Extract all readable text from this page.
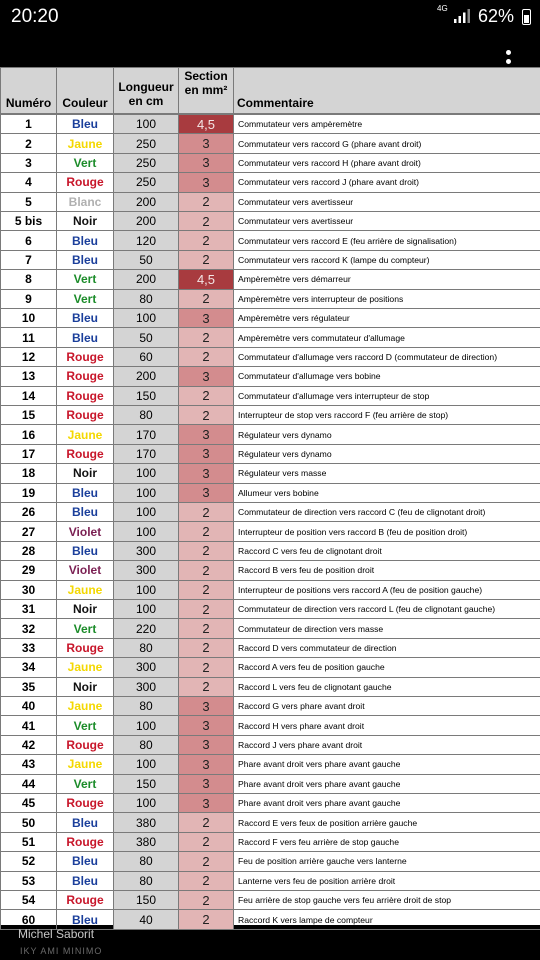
20:20	4G 62%
Numéro Couleur
Longueur
en cm
Section
en mm²
Commentaire
1	Bleu	100	4,5	Commutateur vers ampèremètre
2	Jaune	250	3	Commutateur vers raccord G (phare avant droit)
3	Vert	250	3	Commutateur vers raccord H (phare avant droit)
4	Rouge	250	3	Commutateur vers raccord J (phare avant droit)
5	Blanc	200	2	Commutateur vers avertisseur
5 bis	Noir	200	2	Commutateur vers avertisseur
6	Bleu	120	2	Commutateur vers raccord E (feu arrière de signalisation)
7	Bleu	50	2	Commutateur vers raccord K (lampe du compteur)
8	Vert	200	4,5	Ampèremètre vers démarreur
9	Vert	80	2	Ampèremètre vers interrupteur de positions
10	Bleu	100	3	Ampèremètre vers régulateur
11	Bleu	50	2	Ampèremètre vers commutateur d'allumage
12	Rouge	60	2	Commutateur d'allumage vers raccord D (commutateur de direction)
13	Rouge	200	3	Commutateur d'allumage vers bobine
14	Rouge	150	2	Commutateur d'allumage vers interrupteur de stop
15	Rouge	80	2	Interrupteur de stop vers raccord F (feu arrière de stop)
16	Jaune	170	3	Régulateur vers dynamo
17	Rouge	170	3	Régulateur vers dynamo
18	Noir	100	3	Régulateur vers masse
19	Bleu	100	3	Allumeur vers bobine
26	Bleu	100	2	Commutateur de direction vers raccord C (feu de clignotant droit)
27	Violet	100	2	Interrupteur de position vers raccord B (feu de position droit)
28	Bleu	300	2	Raccord C vers feu de clignotant droit
29	Violet	300	2	Raccord B vers feu de position droit
30	Jaune	100	2	Interrupteur de positions vers raccord A (feu de position gauche)
31	Noir	100	2	Commutateur de direction vers raccord L (feu de clignotant gauche)
32	Vert	220	2	Commutateur de direction vers masse
33	Rouge	80	2	Raccord D vers commutateur de direction
34	Jaune	300	2	Raccord A vers feu de position gauche
35	Noir	300	2	Raccord L vers feu de clignotant gauche
40	Jaune	80	3	Raccord G vers phare avant droit
41	Vert	100	3	Raccord H vers phare avant droit
42	Rouge	80	3	Raccord J vers phare avant droit
43	Jaune	100	3	Phare avant droit vers phare avant gauche
44	Vert	150	3	Phare avant droit vers phare avant gauche
45	Rouge	100	3	Phare avant droit vers phare avant gauche
50	Bleu	380	2	Raccord E vers feux de position arrière gauche
51	Rouge	380	2	Raccord F vers feu arrière de stop gauche
52	Bleu	80	2	Feu de position arrière gauche vers lanterne
53	Bleu	80	2	Lanterne vers feu de position arrière droit
54	Rouge	150	2	Feu arrière de stop gauche vers feu arrière droit de stop
60	Bleu	40	2	Raccord K vers lampe de compteur
Michel Saborit
IKY AMI MINIMO
